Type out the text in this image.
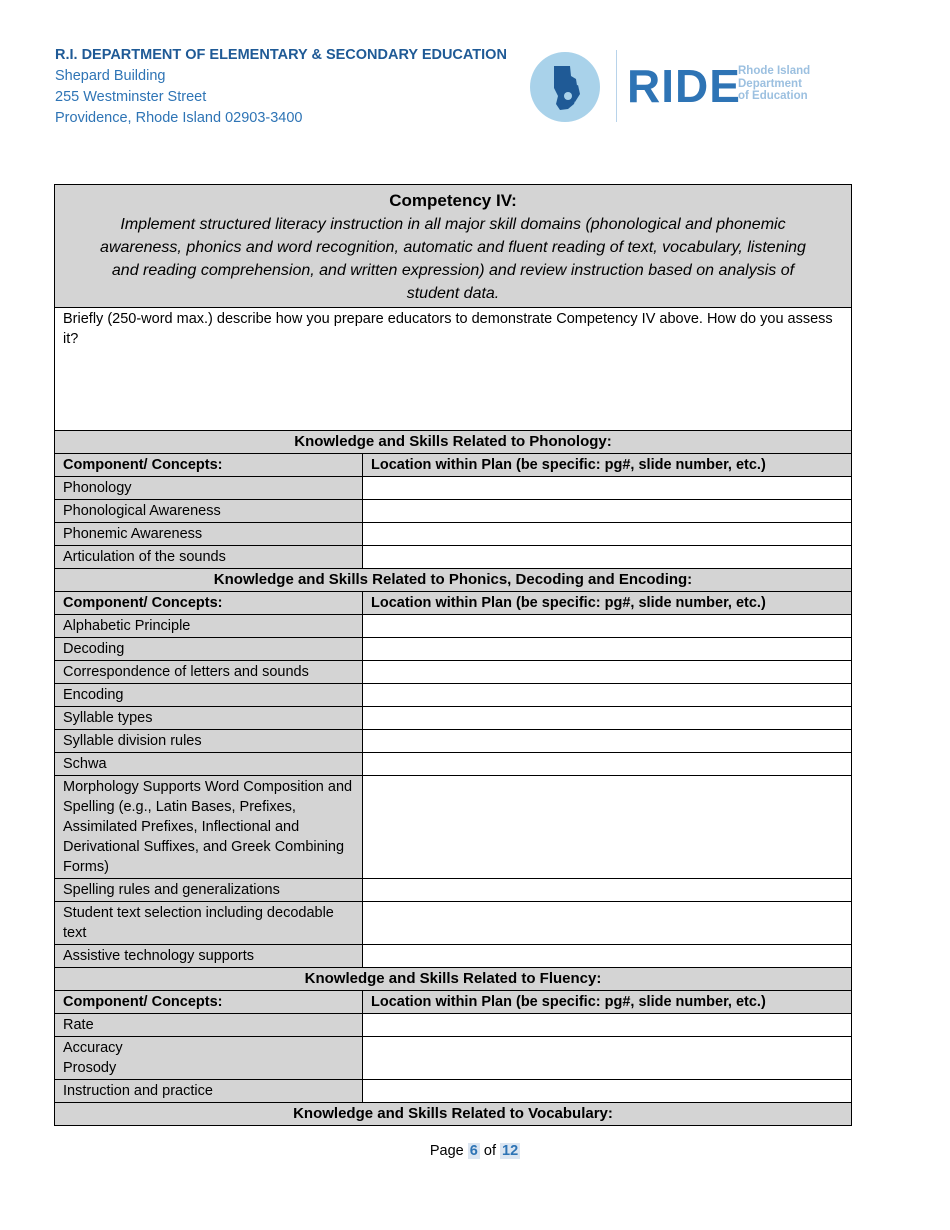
R.I. DEPARTMENT OF ELEMENTARY & SECONDARY EDUCATION
Shepard Building
255 Westminster Street
Providence, Rhode Island 02903-3400
RIDE
Rhode Island
Department
of Education
Competency IV:
Implement structured literacy instruction in all major skill domains (phonological and phonemic awareness, phonics and word recognition, automatic and fluent reading of text, vocabulary, listening and reading comprehension, and written expression) and review instruction based on analysis of student data.	

Briefly (250-word max.) describe how you prepare educators to demonstrate Competency IV above. How do you assess it?	

Knowledge and Skills Related to Phonology:	
Component/ Concepts:	Location within Plan (be specific: pg#, slide number, etc.)
Phonology	
Phonological Awareness	
Phonemic Awareness	
Articulation of the sounds	
Knowledge and Skills Related to Phonics, Decoding and Encoding:	
Component/ Concepts:	Location within Plan (be specific: pg#, slide number, etc.)
Alphabetic Principle	
Decoding	
Correspondence of letters and sounds	
Encoding	
Syllable types	
Syllable division rules	
Schwa	
Morphology Supports Word Composition and Spelling (e.g., Latin Bases, Prefixes, Assimilated Prefixes, Inflectional and Derivational Suffixes, and Greek Combining Forms)	
Spelling rules and generalizations	
Student text selection including decodable text	
Assistive technology supports	
Knowledge and Skills Related to Fluency:	
Component/ Concepts:	Location within Plan (be specific: pg#, slide number, etc.)
Rate	
Accuracy
Prosody	
Instruction and practice	
Knowledge and Skills Related to Vocabulary:	
Page 6 of 12
